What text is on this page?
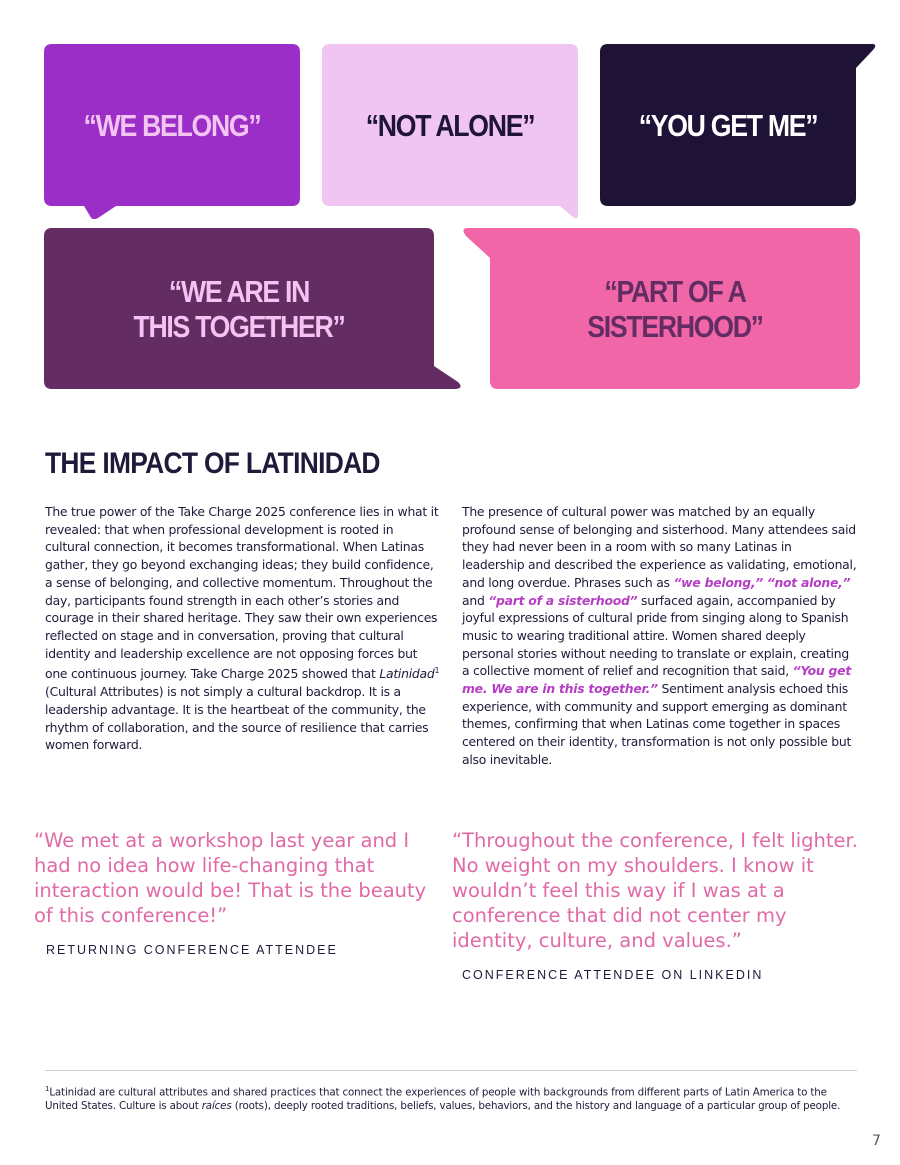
“WE BELONG”	“NOT ALONE”	“YOU GET ME”
“WE ARE IN
THIS TOGETHER”
“PART OF A
SISTERHOOD”
THE IMPACT OF LATINIDAD

The true power of the Take Charge 2025 conference lies in what it revealed: that when professional development is rooted in cultural connection, it becomes transformational. When Latinas gather, they go beyond exchanging ideas; they build confidence, a sense of belonging, and collective momentum. Throughout the day, participants found strength in each other’s stories and courage in their shared heritage. They saw their own experiences reflected on stage and in conversation, proving that cultural identity and leadership excellence are not opposing forces but one continuous journey. Take Charge 2025 showed that Latinidad$^1$ (Cultural Attributes) is not simply a cultural backdrop. It is a leadership advantage. It is the heartbeat of the community, the rhythm of collaboration, and the source of resilience that carries women forward.

The presence of cultural power was matched by an equally profound sense of belonging and sisterhood. Many attendees said they had never been in a room with so many Latinas in leadership and described the experience as validating, emotional, and long overdue. Phrases such as “we belong,” “not alone,” and “part of a sisterhood” surfaced again, accompanied by joyful expressions of cultural pride from singing along to Spanish music to wearing traditional attire. Women shared deeply personal stories without needing to translate or explain, creating a collective moment of relief and recognition that said, “You get me. We are in this together.” Sentiment analysis echoed this experience, with community and support emerging as dominant themes, confirming that when Latinas come together in spaces centered on their identity, transformation is not only possible but also inevitable.

“We met at a workshop last year and I had no idea how life-changing that interaction would be! That is the beauty of this conference!”

RETURNING CONFERENCE ATTENDEE

“Throughout the conference, I felt lighter. No weight on my shoulders. I know it wouldn’t feel this way if I was at a conference that did not center my identity, culture, and values.”

CONFERENCE ATTENDEE ON LINKEDIN

$^1$Latinidad are cultural attributes and shared practices that connect the experiences of people with backgrounds from different parts of Latin America to the United States. Culture is about raíces (roots), deeply rooted traditions, beliefs, values, behaviors, and the history and language of a particular group of people.
7
